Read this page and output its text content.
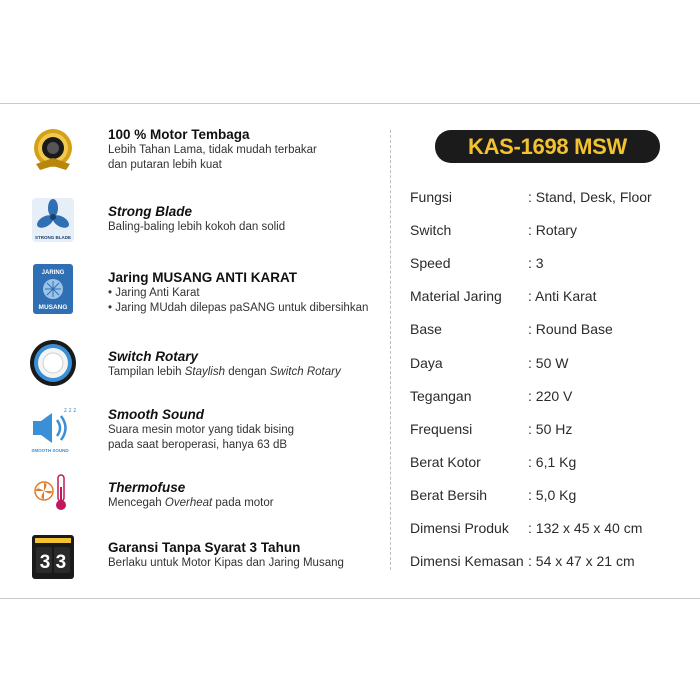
100 % Motor Tembaga
Lebih Tahan Lama, tidak mudah terbakar
dan putaran lebih kuat
STRONG BLADE
Strong Blade
Baling-baling lebih kokoh dan solid
JARING
MUSANG
Jaring MUSANG ANTI KARAT
• Jaring Anti Karat
• Jaring MUdah dilepas paSANG untuk dibersihkan
Switch Rotary
Tampilan lebih Staylish dengan Switch Rotary
z z z
SMOOTH SOUND
Smooth Sound
Suara mesin motor yang tidak bising
pada saat beroperasi, hanya 63 dB
Thermofuse
Mencegah Overheat pada motor
3 3
Garansi Tanpa Syarat 3 Tahun
Berlaku untuk Motor Kipas dan Jaring Musang
KAS-1698 MSW
Fungsi	: Stand, Desk, Floor
Switch	: Rotary
Speed	: 3
Material Jaring : Anti Karat
Base	: Round Base
Daya	: 50 W
Tegangan	: 220 V
Frequensi	: 50 Hz
Berat Kotor	: 6,1 Kg
Berat Bersih	: 5,0 Kg
Dimensi Produk : 132 x 45 x 40 cm
Dimensi Kemasan : 54 x 47 x 21 cm
